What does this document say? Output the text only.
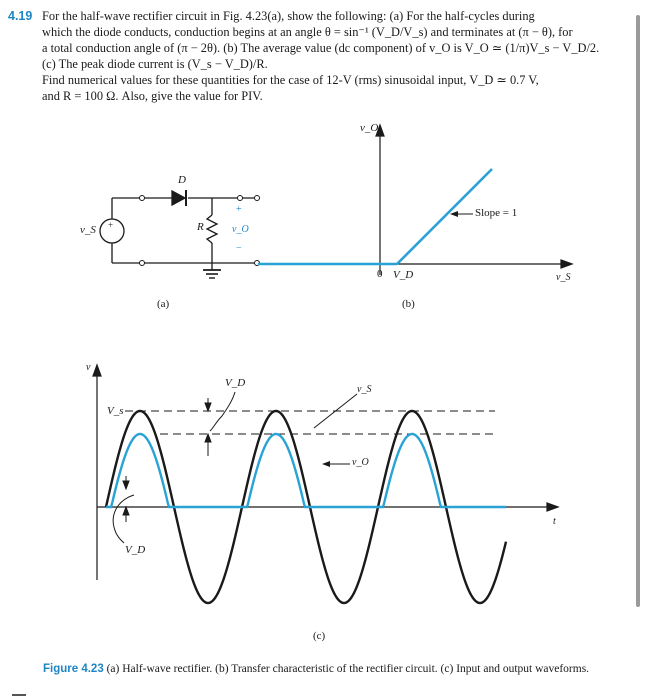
4.19 For the half-wave rectifier circuit in Fig. 4.23(a), show the following: (a) For the half-cycles during
which the diode conducts, conduction begins at an angle θ = sin⁻¹ (V_D/V_s) and terminates at (π − θ), for
a total conduction angle of (π − 2θ). (b) The average value (dc component) of v_O is V_O ≃ (1/π)V_s − V_D/2.
(c) The peak diode current is (V_s − V_D)/R.
Find numerical values for these quantities for the case of 12-V (rms) sinusoidal input, V_D ≃ 0.7 V,
and R = 100 Ω. Also, give the value for PIV.
D
R
v_S +
+
v_O
−
(a)
v_O
v_S
0 V_D
Slope = 1
(b)
v
t
V_s
V_D
V_D
v_S
v_O
(c)
Figure 4.23 (a) Half-wave rectifier. (b) Transfer characteristic of the rectifier circuit. (c) Input and output waveforms.
